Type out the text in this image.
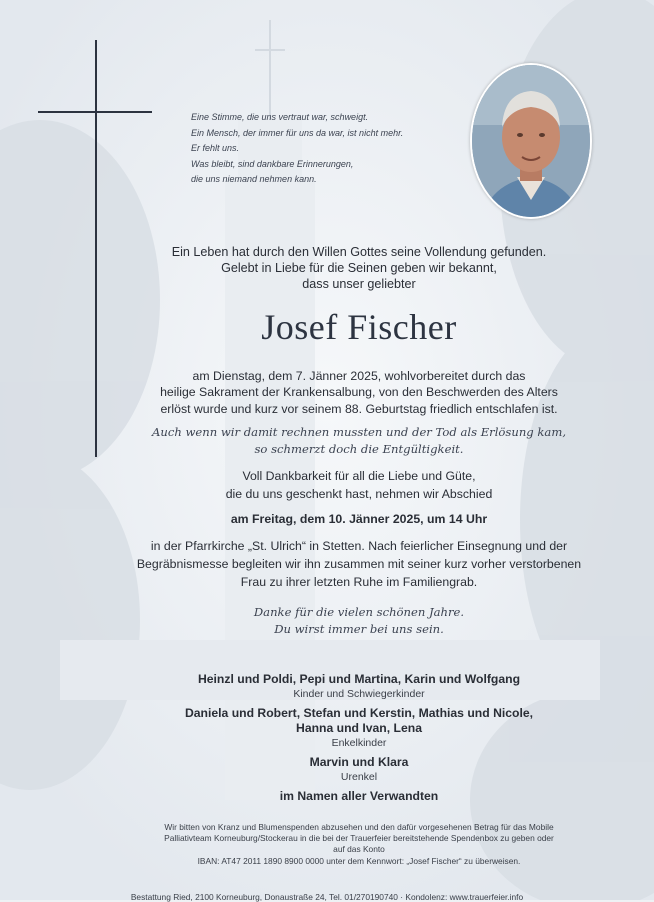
Eine Stimme, die uns vertraut war, schweigt.
Ein Mensch, der immer für uns da war, ist nicht mehr.
Er fehlt uns.
Was bleibt, sind dankbare Erinnerungen,
die uns niemand nehmen kann.
Ein Leben hat durch den Willen Gottes seine Vollendung gefunden.
Gelebt in Liebe für die Seinen geben wir bekannt,
dass unser geliebter
Josef Fischer
am Dienstag, dem 7. Jänner 2025, wohlvorbereitet durch das
heilige Sakrament der Krankensalbung, von den Beschwerden des Alters
erlöst wurde und kurz vor seinem 88. Geburtstag friedlich entschlafen ist.
Auch wenn wir damit rechnen mussten und der Tod als Erlösung kam,
so schmerzt doch die Entgültigkeit.
Voll Dankbarkeit für all die Liebe und Güte,
die du uns geschenkt hast, nehmen wir Abschied
am Freitag, dem 10. Jänner 2025, um 14 Uhr
in der Pfarrkirche „St. Ulrich“ in Stetten. Nach feierlicher Einsegnung und der
Begräbnismesse begleiten wir ihn zusammen mit seiner kurz vorher verstorbenen
Frau zu ihrer letzten Ruhe im Familiengrab.
Danke für die vielen schönen Jahre.
Du wirst immer bei uns sein.
Heinzl und Poldi, Pepi und Martina, Karin und Wolfgang
Kinder und Schwiegerkinder
Daniela und Robert, Stefan und Kerstin, Mathias und Nicole,
Hanna und Ivan, Lena
Enkelkinder
Marvin und Klara
Urenkel
im Namen aller Verwandten
Wir bitten von Kranz und Blumenspenden abzusehen und den dafür vorgesehenen Betrag für das Mobile
Palliativteam Korneuburg/Stockerau in die bei der Trauerfeier bereitstehende Spendenbox zu geben oder
auf das Konto
IBAN: AT47 2011 1890 8900 0000 unter dem Kennwort: „Josef Fischer“ zu überweisen.
Bestattung Ried, 2100 Korneuburg, Donaustraße 24, Tel. 01/270190740 · Kondolenz: www.trauerfeier.info
